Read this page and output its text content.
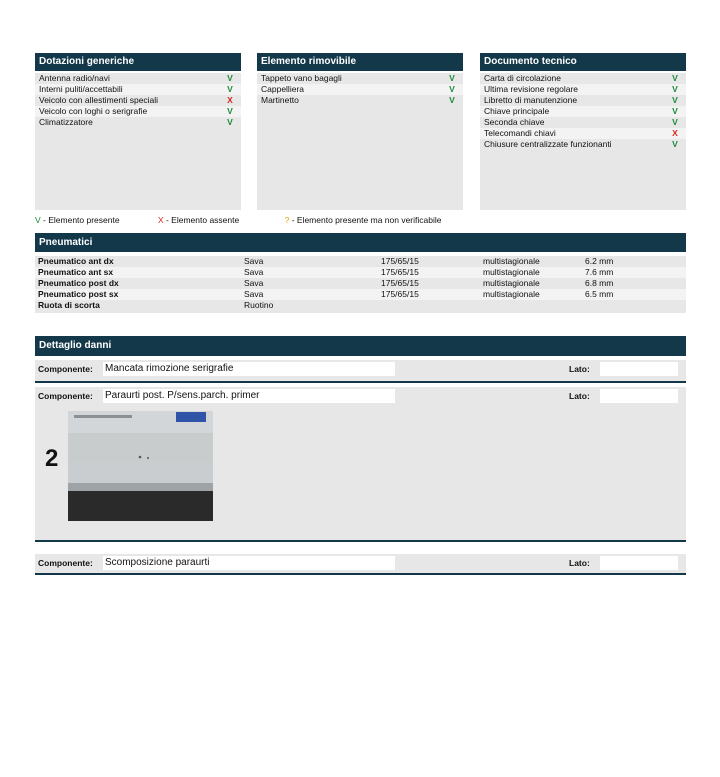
Dotazioni generiche
Antenna radio/navi	V
Interni puliti/accettabili	V
Veicolo con allestimenti speciali	X
Veicolo con loghi o serigrafie	V
Climatizzatore	V
Elemento rimovibile
Tappeto vano bagagli	V
Cappelliera	V
Martinetto	V
Documento tecnico
Carta di circolazione	V
Ultima revisione regolare	V
Libretto di manutenzione	V
Chiave principale	V
Seconda chiave	V
Telecomandi chiavi	X
Chiusure centralizzate funzionanti	V
V - Elemento presente	X - Elemento assente	? - Elemento presente ma non verificabile
Pneumatici
Pneumatico ant dx	Sava	175/65/15	multistagionale	6.2 mm
Pneumatico ant sx	Sava	175/65/15	multistagionale	7.6 mm
Pneumatico post dx	Sava	175/65/15	multistagionale	6.8 mm
Pneumatico post sx	Sava	175/65/15	multistagionale	6.5 mm
Ruota di scorta	Ruotino
Dettaglio danni
Componente: Mancata rimozione serigrafie	Lato:
Componente: Paraurti post. P/sens.parch. primer	Lato:
2
Componente: Scomposizione paraurti	Lato:
